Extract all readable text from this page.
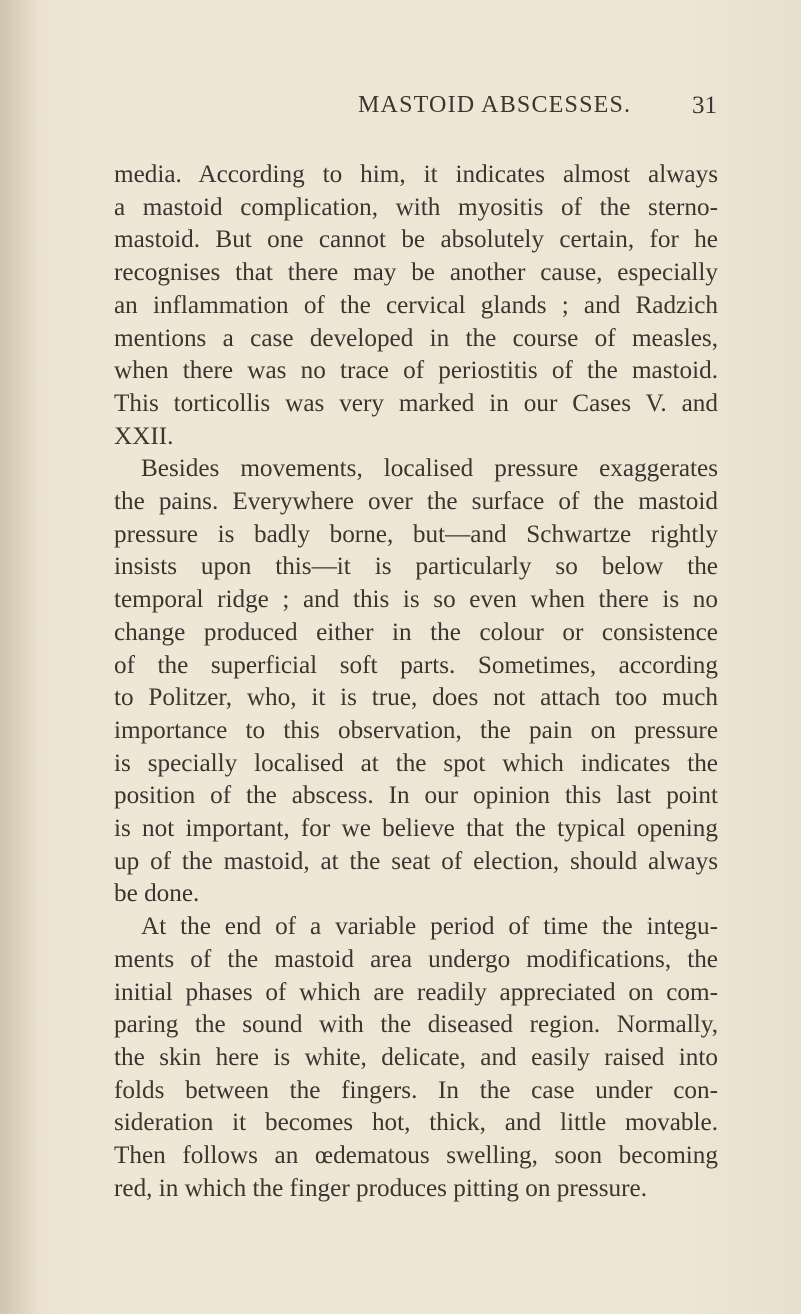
MASTOID ABSCESSES. 31

media. According to him, it indicates almost always
a mastoid complication, with myositis of the sterno-
mastoid. But one cannot be absolutely certain, for he
recognises that there may be another cause, especially
an inflammation of the cervical glands ; and Radzich
mentions a case developed in the course of measles,
when there was no trace of periostitis of the mastoid.
This torticollis was very marked in our Cases V. and
XXII.

Besides movements, localised pressure exaggerates
the pains. Everywhere over the surface of the mastoid
pressure is badly borne, but—and Schwartze rightly
insists upon this—it is particularly so below the
temporal ridge ; and this is so even when there is no
change produced either in the colour or consistence
of the superficial soft parts. Sometimes, according
to Politzer, who, it is true, does not attach too much
importance to this observation, the pain on pressure
is specially localised at the spot which indicates the
position of the abscess. In our opinion this last point
is not important, for we believe that the typical opening
up of the mastoid, at the seat of election, should always
be done.

At the end of a variable period of time the integu-
ments of the mastoid area undergo modifications, the
initial phases of which are readily appreciated on com-
paring the sound with the diseased region. Normally,
the skin here is white, delicate, and easily raised into
folds between the fingers. In the case under con-
sideration it becomes hot, thick, and little movable.
Then follows an œdematous swelling, soon becoming
red, in which the finger produces pitting on pressure.
